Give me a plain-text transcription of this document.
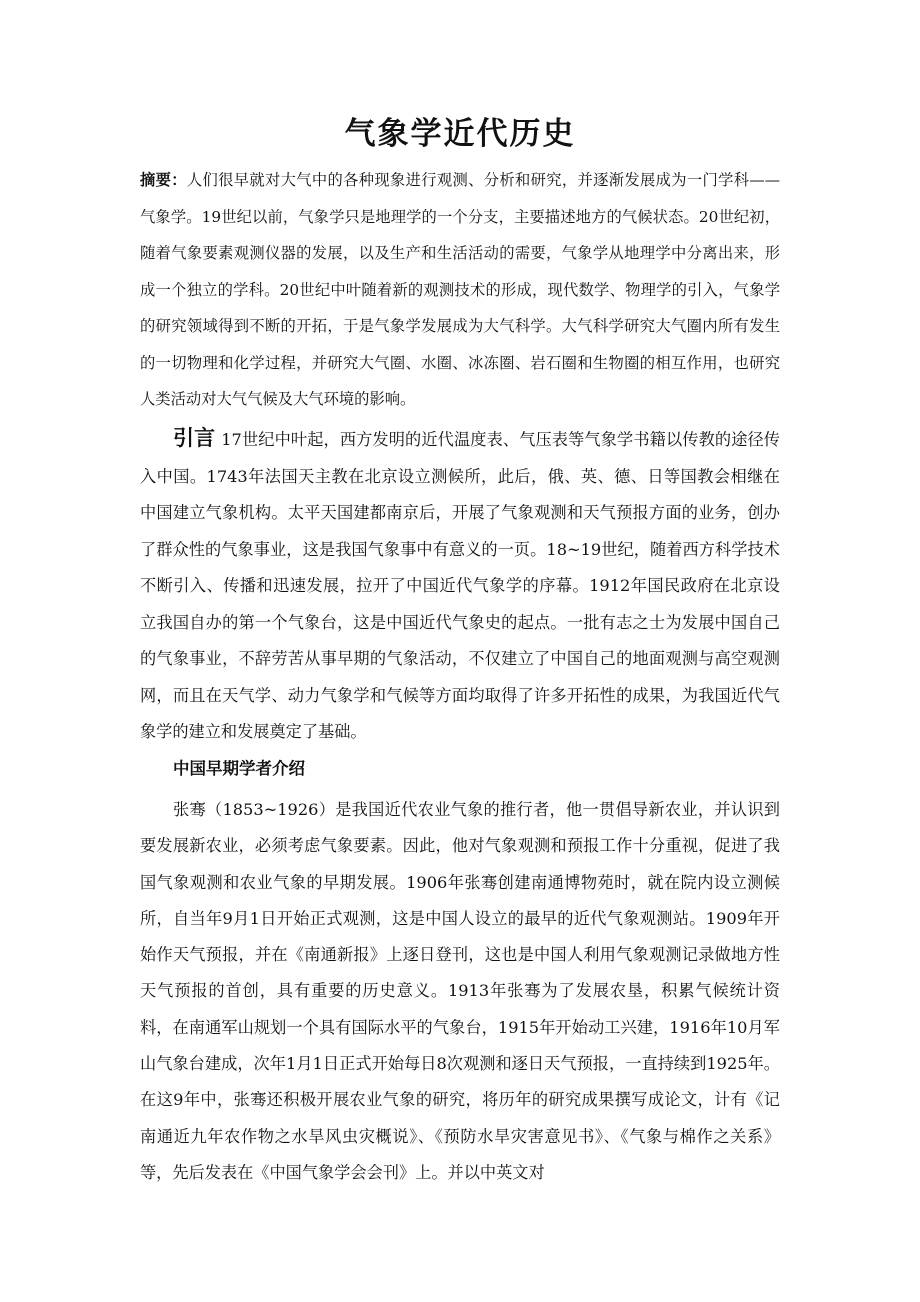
气象学近代历史
摘要：人们很早就对大气中的各种现象进行观测、分析和研究，并逐渐发展成为一门学科——气象学。19世纪以前，气象学只是地理学的一个分支，主要描述地方的气候状态。20世纪初，随着气象要素观测仪器的发展，以及生产和生活活动的需要，气象学从地理学中分离出来，形成一个独立的学科。20世纪中叶随着新的观测技术的形成，现代数学、物理学的引入，气象学的研究领域得到不断的开拓，于是气象学发展成为大气科学。大气科学研究大气圈内所有发生的一切物理和化学过程，并研究大气圈、水圈、冰冻圈、岩石圈和生物圈的相互作用，也研究人类活动对大气气候及大气环境的影响。
引言 17世纪中叶起，西方发明的近代温度表、气压表等气象学书籍以传教的途径传入中国。1743年法国天主教在北京设立测候所，此后，俄、英、德、日等国教会相继在中国建立气象机构。太平天国建都南京后，开展了气象观测和天气预报方面的业务，创办了群众性的气象事业，这是我国气象事中有意义的一页。18~19世纪，随着西方科学技术不断引入、传播和迅速发展，拉开了中国近代气象学的序幕。1912年国民政府在北京设立我国自办的第一个气象台，这是中国近代气象史的起点。一批有志之士为发展中国自己的气象事业，不辞劳苦从事早期的气象活动，不仅建立了中国自己的地面观测与高空观测网，而且在天气学、动力气象学和气候等方面均取得了许多开拓性的成果，为我国近代气象学的建立和发展奠定了基础。
中国早期学者介绍
张骞（1853~1926）是我国近代农业气象的推行者，他一贯倡导新农业，并认识到要发展新农业，必须考虑气象要素。因此，他对气象观测和预报工作十分重视，促进了我国气象观测和农业气象的早期发展。1906年张骞创建南通博物苑时，就在院内设立测候所，自当年9月1日开始正式观测，这是中国人设立的最早的近代气象观测站。1909年开始作天气预报，并在《南通新报》上逐日登刊，这也是中国人利用气象观测记录做地方性天气预报的首创，具有重要的历史意义。1913年张骞为了发展农垦，积累气候统计资料，在南通军山规划一个具有国际水平的气象台，1915年开始动工兴建，1916年10月军山气象台建成，次年1月1日正式开始每日8次观测和逐日天气预报，一直持续到1925年。在这9年中，张骞还积极开展农业气象的研究，将历年的研究成果撰写成论文，计有《记南通近九年农作物之水旱风虫灾概说》、《预防水旱灾害意见书》、《气象与棉作之关系》等，先后发表在《中国气象学会会刊》上。并以中英文对
